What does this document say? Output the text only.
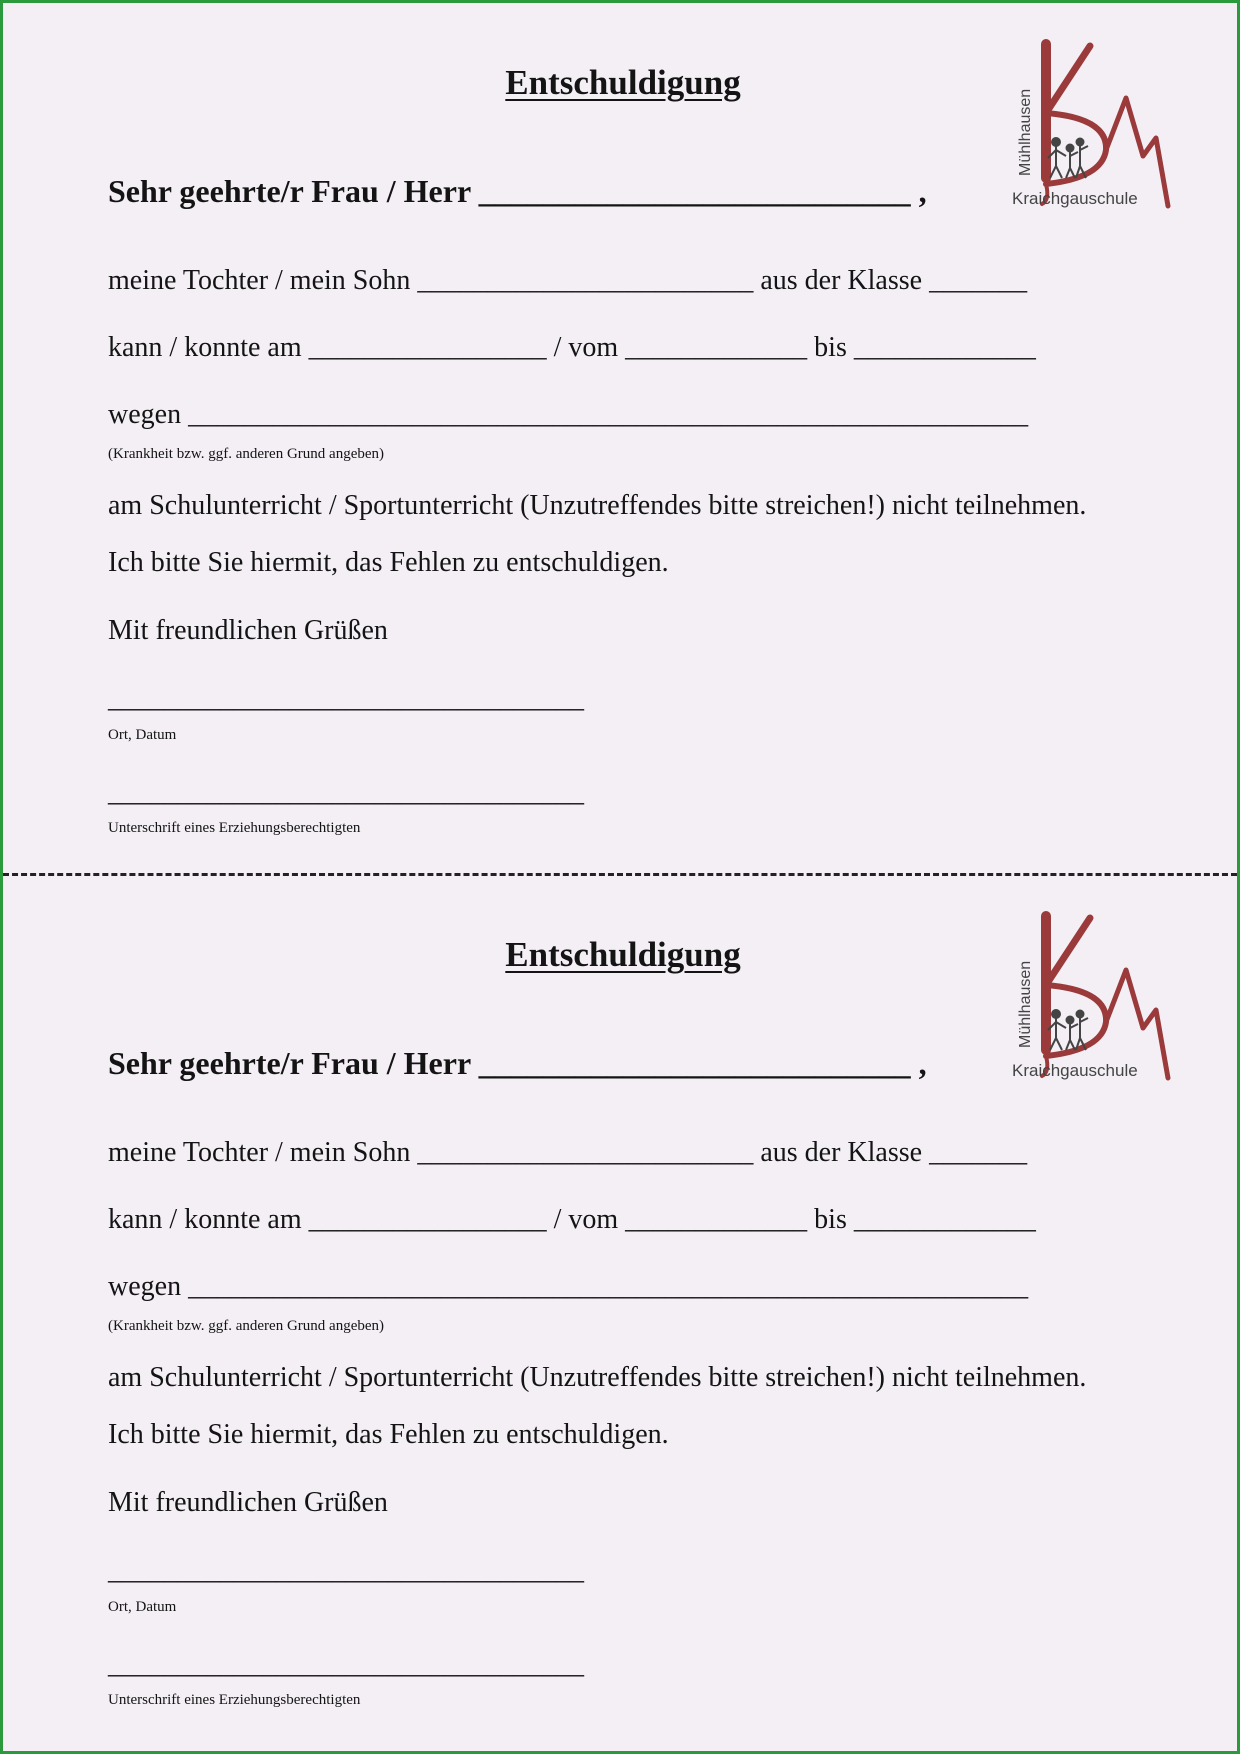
Entschuldigung
Mühlhausen
Kraichgauschule
Sehr geehrte/r Frau / Herr ___________________________ ,
meine Tochter / mein Sohn ________________________ aus der Klasse _______
kann / konnte am _________________ / vom _____________ bis _____________
wegen ____________________________________________________________
(Krankheit bzw. ggf. anderen Grund angeben)
am Schulunterricht / Sportunterricht (Unzutreffendes bitte streichen!) nicht teilnehmen.
Ich bitte Sie hiermit, das Fehlen zu entschuldigen.
Mit freundlichen Grüßen
__________________________________
Ort, Datum
__________________________________
Unterschrift eines Erziehungsberechtigten
Entschuldigung
Mühlhausen
Kraichgauschule
Sehr geehrte/r Frau / Herr ___________________________ ,
meine Tochter / mein Sohn ________________________ aus der Klasse _______
kann / konnte am _________________ / vom _____________ bis _____________
wegen ____________________________________________________________
(Krankheit bzw. ggf. anderen Grund angeben)
am Schulunterricht / Sportunterricht (Unzutreffendes bitte streichen!) nicht teilnehmen.
Ich bitte Sie hiermit, das Fehlen zu entschuldigen.
Mit freundlichen Grüßen
__________________________________
Ort, Datum
__________________________________
Unterschrift eines Erziehungsberechtigten
